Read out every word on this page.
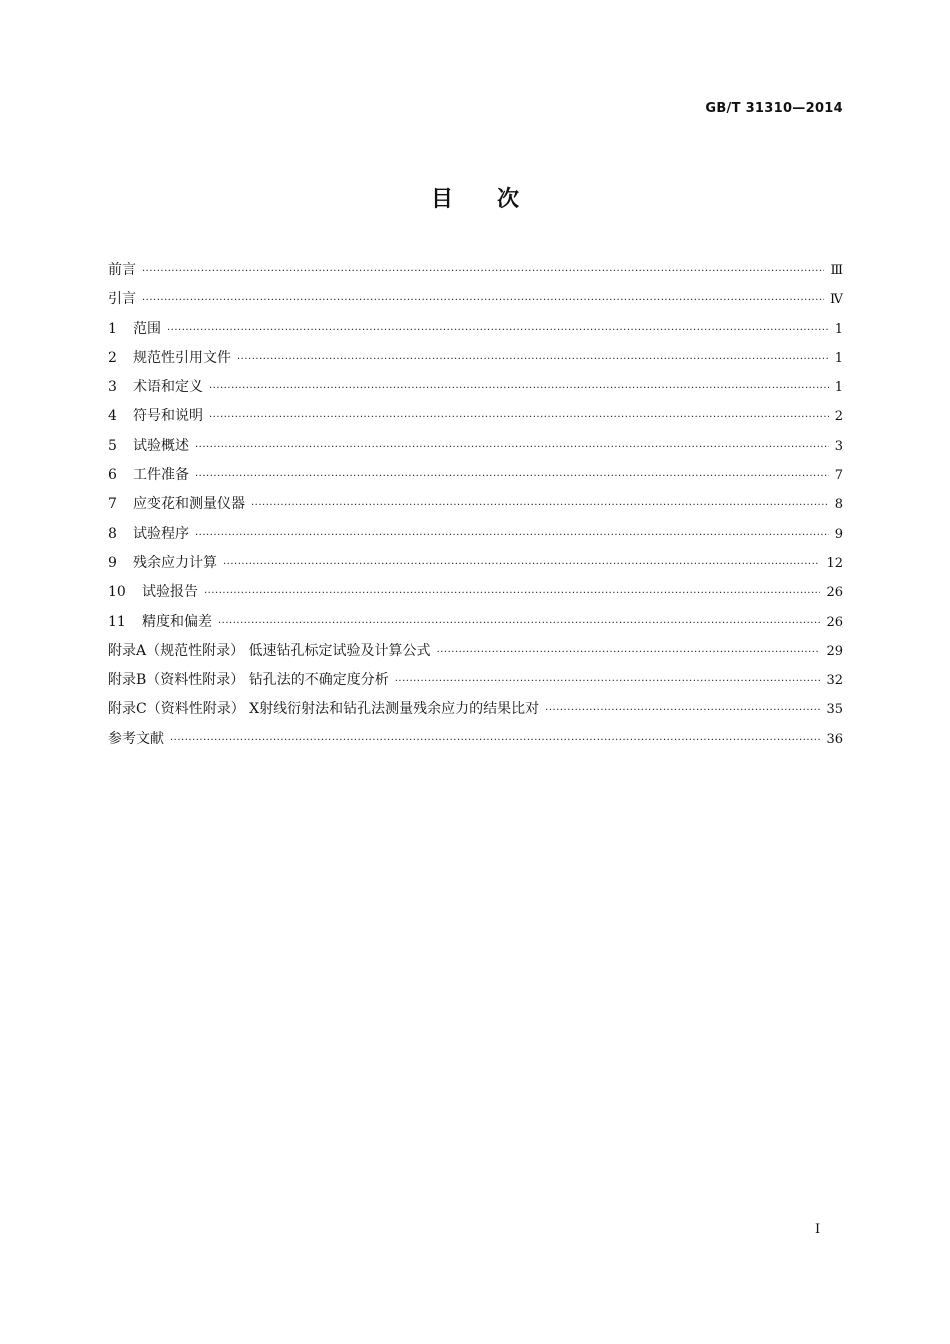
GB/T 31310—2014
目次
前言 ·····	Ⅲ
引言 ·····	Ⅳ
1	范围 ·····	1
2	规范性引用文件 ·····	1
3	术语和定义 ·····	1
4	符号和说明 ·····	2
5	试验概述 ·····	3
6	工件准备 ·····	7
7	应变花和测量仪器 ·····	8
8	试验程序 ·····	9
9	残余应力计算 ·····	12
10	试验报告 ·····	26
11	精度和偏差 ·····	26
附录A（规范性附录） 低速钻孔标定试验及计算公式 ·····	29
附录B（资料性附录） 钻孔法的不确定度分析 ·····	32
附录C（资料性附录） X射线衍射法和钻孔法测量残余应力的结果比对 ·····	35
参考文献 ·····	36
Ⅰ
